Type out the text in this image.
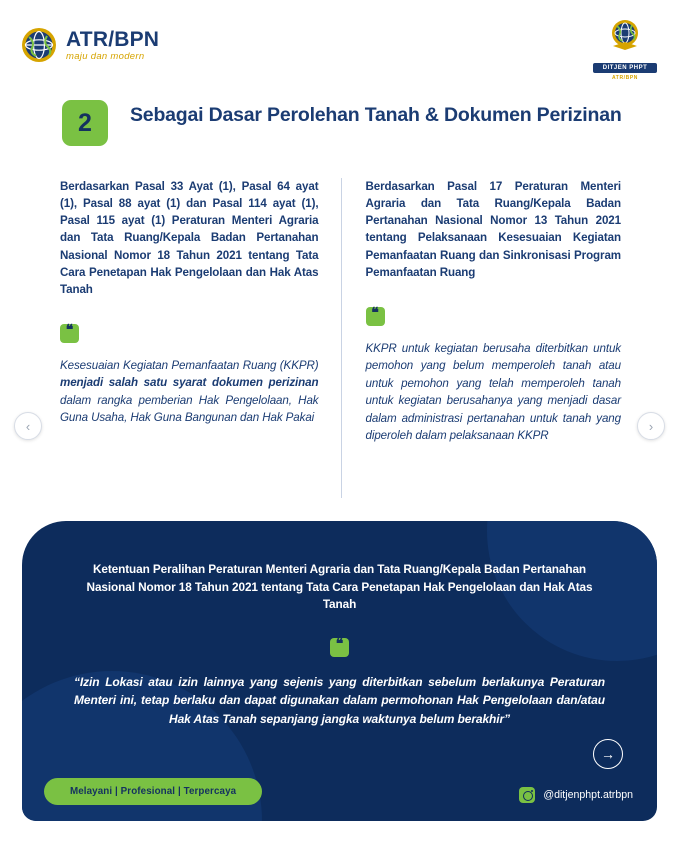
ATR/BPN
maju dan modern
DITJEN PHPT
ATR/BPN
2	Sebagai Dasar Perolehan Tanah & Dokumen Perizinan

Berdasarkan Pasal 33 Ayat (1), Pasal 64 ayat (1), Pasal 88 ayat (1) dan Pasal 114 ayat (1), Pasal 115 ayat (1) Peraturan Menteri Agraria dan Tata Ruang/Kepala Badan Pertanahan Nasional Nomor 18 Tahun 2021 tentang Tata Cara Penetapan Hak Pengelolaan dan Hak Atas Tanah

❝

Kesesuaian Kegiatan Pemanfaatan Ruang (KKPR) menjadi salah satu syarat dokumen perizinan dalam rangka pemberian Hak Pengelolaan, Hak Guna Usaha, Hak Guna Bangunan dan Hak Pakai

Berdasarkan Pasal 17 Peraturan Menteri Agraria dan Tata Ruang/Kepala Badan Pertanahan Nasional Nomor 13 Tahun 2021 tentang Pelaksanaan Kesesuaian Kegiatan Pemanfaatan Ruang dan Sinkronisasi Program Pemanfaatan Ruang

❝

KKPR untuk kegiatan berusaha diterbitkan untuk pemohon yang belum memperoleh tanah atau untuk pemohon yang telah memperoleh tanah untuk kegiatan berusahanya yang menjadi dasar dalam administrasi pertanahan untuk tanah yang diperoleh dalam pelaksanaan KKPR

‹	›
Ketentuan Peralihan Peraturan Menteri Agraria dan Tata Ruang/Kepala Badan Pertanahan Nasional Nomor 18 Tahun 2021 tentang Tata Cara Penetapan Hak Pengelolaan dan Hak Atas Tanah
❝
“Izin Lokasi atau izin lainnya yang sejenis yang diterbitkan sebelum berlakunya Peraturan Menteri ini, tetap berlaku dan dapat digunakan dalam permohonan Hak Pengelolaan dan/atau Hak Atas Tanah sepanjang jangka waktunya belum berakhir”
→
Melayani | Profesional | Terpercaya	@ditjenphpt.atrbpn
